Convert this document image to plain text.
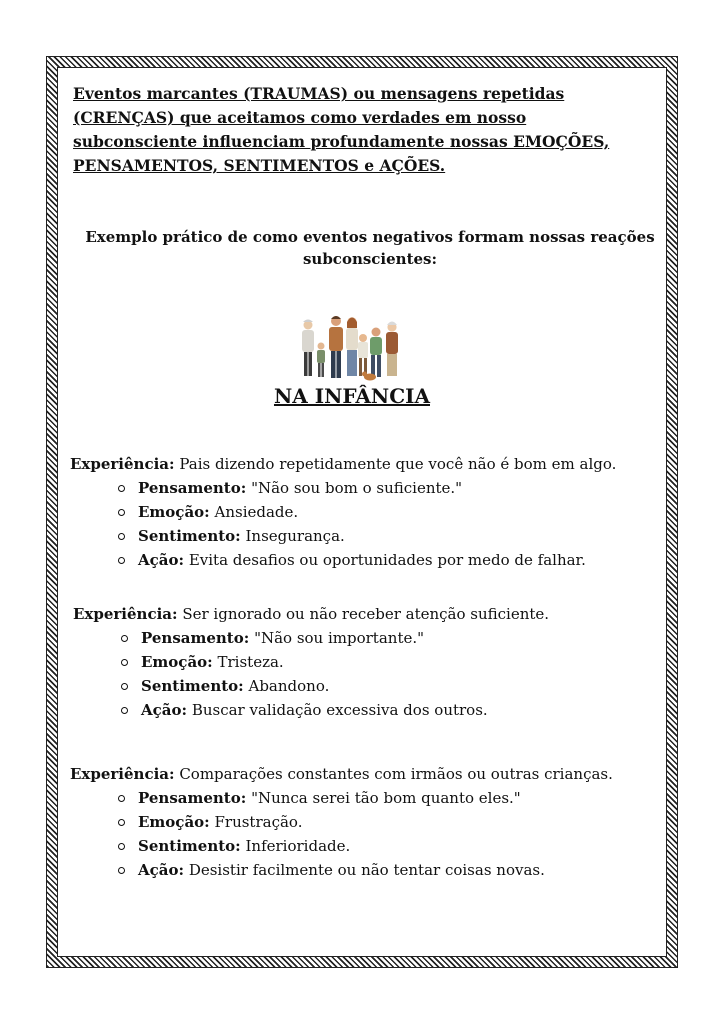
Eventos marcantes (TRAUMAS) ou mensagens repetidas (CRENÇAS) que aceitamos como verdades em nosso subconsciente influenciam profundamente nossas EMOÇÕES, PENSAMENTOS, SENTIMENTOS e AÇÕES.
Exemplo prático de como eventos negativos formam nossas reações
subconscientes:
NA INFÂNCIA
Experiência: Pais dizendo repetidamente que você não é bom em algo.
Pensamento: "Não sou bom o suficiente."
Emoção: Ansiedade.
Sentimento: Insegurança.
Ação: Evita desafios ou oportunidades por medo de falhar.
Experiência: Ser ignorado ou não receber atenção suficiente.
Pensamento: "Não sou importante."
Emoção: Tristeza.
Sentimento: Abandono.
Ação: Buscar validação excessiva dos outros.
Experiência: Comparações constantes com irmãos ou outras crianças.
Pensamento: "Nunca serei tão bom quanto eles."
Emoção: Frustração.
Sentimento: Inferioridade.
Ação: Desistir facilmente ou não tentar coisas novas.
